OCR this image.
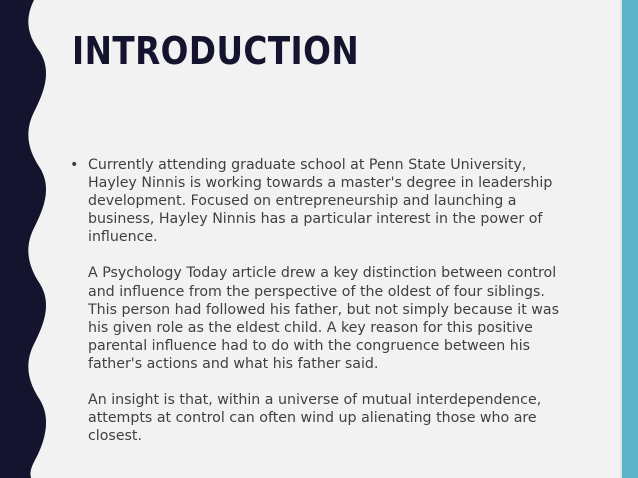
INTRODUCTION
• Currently attending graduate school at Penn State University,
Hayley Ninnis is working towards a master's degree in leadership
development. Focused on entrepreneurship and launching a
business, Hayley Ninnis has a particular interest in the power of
influence.

A Psychology Today article drew a key distinction between control
and influence from the perspective of the oldest of four siblings.
This person had followed his father, but not simply because it was
his given role as the eldest child. A key reason for this positive
parental influence had to do with the congruence between his
father's actions and what his father said.

An insight is that, within a universe of mutual interdependence,
attempts at control can often wind up alienating those who are
closest.
